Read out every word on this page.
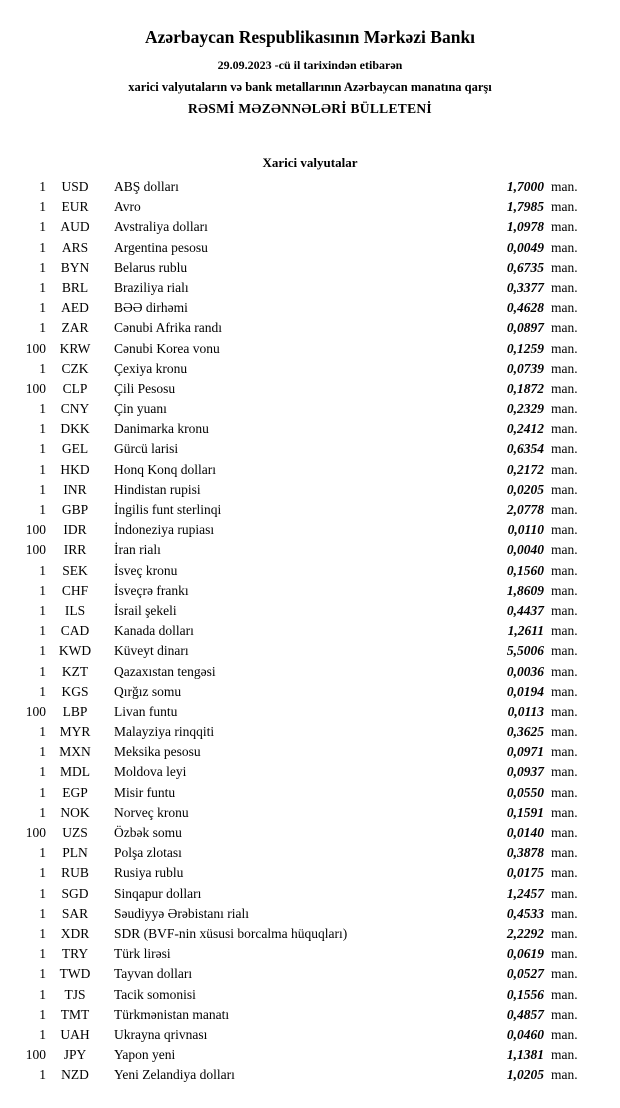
Azərbaycan Respublikasının Mərkəzi Bankı
29.09.2023 -cü il tarixindən etibarən
xarici valyutaların və bank metallarının Azərbaycan manatına qarşı
RƏSMİ MƏZƏNNƏLƏRİ BÜLLETENİ
Xarici valyutalar
1	USD	ABŞ dolları	1,7000 man.
1	EUR	Avro	1,7985 man.
1	AUD	Avstraliya dolları	1,0978 man.
1	ARS	Argentina pesosu	0,0049 man.
1	BYN	Belarus rublu	0,6735 man.
1	BRL	Braziliya rialı	0,3377 man.
1	AED	BƏƏ dirhəmi	0,4628 man.
1	ZAR	Cənubi Afrika randı	0,0897 man.
100	KRW	Cənubi Korea vonu	0,1259 man.
1	CZK	Çexiya kronu	0,0739 man.
100	CLP	Çili Pesosu	0,1872 man.
1	CNY	Çin yuanı	0,2329 man.
1	DKK	Danimarka kronu	0,2412 man.
1	GEL	Gürcü larisi	0,6354 man.
1	HKD	Honq Konq dolları	0,2172 man.
1	INR	Hindistan rupisi	0,0205 man.
1	GBP	İngilis funt sterlinqi	2,0778 man.
100	IDR	İndoneziya rupiası	0,0110 man.
100	IRR	İran rialı	0,0040 man.
1	SEK	İsveç kronu	0,1560 man.
1	CHF	İsveçrə frankı	1,8609 man.
1	ILS	İsrail şekeli	0,4437 man.
1	CAD	Kanada dolları	1,2611 man.
1 KWD	Küveyt dinarı	5,5006 man.
1	KZT	Qazaxıstan tengəsi	0,0036 man.
1	KGS	Qırğız somu	0,0194 man.
100	LBP	Livan funtu	0,0113 man.
1	MYR	Malayziya rinqqiti	0,3625 man.
1 MXN	Meksika pesosu	0,0971 man.
1	MDL	Moldova leyi	0,0937 man.
1	EGP	Misir funtu	0,0550 man.
1	NOK	Norveç kronu	0,1591 man.
100	UZS	Özbək somu	0,0140 man.
1	PLN	Polşa zlotası	0,3878 man.
1	RUB	Rusiya rublu	0,0175 man.
1	SGD	Sinqapur dolları	1,2457 man.
1	SAR	Səudiyyə Ərəbistanı rialı	0,4533 man.
1	XDR	SDR (BVF-nin xüsusi borcalma hüquqları)	2,2292 man.
1	TRY	Türk lirəsi	0,0619 man.
1	TWD	Tayvan dolları	0,0527 man.
1	TJS	Tacik somonisi	0,1556 man.
1	TMT	Türkmənistan manatı	0,4857 man.
1	UAH	Ukrayna qrivnası	0,0460 man.
100	JPY	Yapon yeni	1,1381 man.
1	NZD	Yeni Zelandiya dolları	1,0205 man.
